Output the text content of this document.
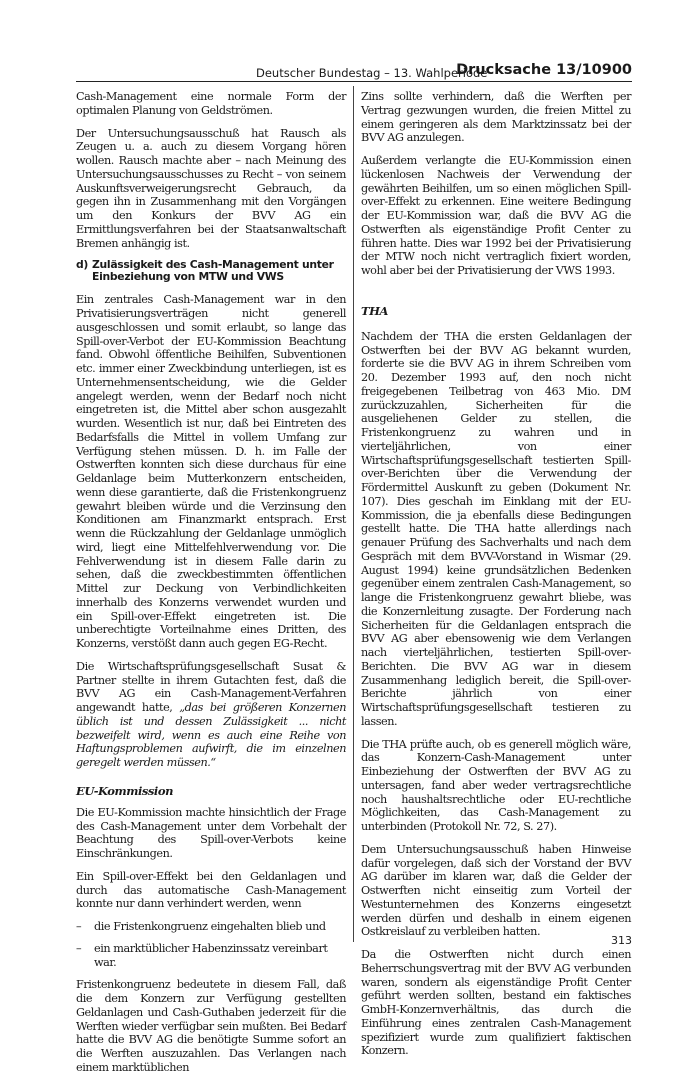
Deutscher Bundestag – 13. Wahlperiode
Drucksache 13/10900

Cash-Management eine normale Form der optimalen Planung von Geldströmen.

Der Untersuchungsausschuß hat Rausch als Zeugen u. a. auch zu diesem Vorgang hören wollen. Rausch machte aber – nach Meinung des Untersuchungsausschusses zu Recht – von seinem Auskunftsverweigerungsrecht Gebrauch, da gegen ihn in Zusammenhang mit den Vorgängen um den Konkurs der BVV AG ein Ermittlungsverfahren bei der Staatsanwaltschaft Bremen anhängig ist.

d) Zulässigkeit des Cash-Management unter Einbeziehung von MTW und VWS

Ein zentrales Cash-Management war in den Privatisierungsverträgen nicht generell ausgeschlossen und somit erlaubt, so lange das Spill-over-Verbot der EU-Kommission Beachtung fand. Obwohl öffentliche Beihilfen, Subventionen etc. immer einer Zweckbindung unterliegen, ist es Unternehmensentscheidung, wie die Gelder angelegt werden, wenn der Bedarf noch nicht eingetreten ist, die Mittel aber schon ausgezahlt wurden. Wesentlich ist nur, daß bei Eintreten des Bedarfsfalls die Mittel in vollem Umfang zur Verfügung stehen müssen. D. h. im Falle der Ostwerften konnten sich diese durchaus für eine Geldanlage beim Mutterkonzern entscheiden, wenn diese garantierte, daß die Fristenkongruenz gewahrt bleiben würde und die Verzinsung den Konditionen am Finanzmarkt entsprach. Erst wenn die Rückzahlung der Geldanlage unmöglich wird, liegt eine Mittelfehlverwendung vor. Die Fehlverwendung ist in diesem Falle darin zu sehen, daß die zweckbestimmten öffentlichen Mittel zur Deckung von Verbindlichkeiten innerhalb des Konzerns verwendet wurden und ein Spill-over-Effekt eingetreten ist. Die unberechtigte Vorteilnahme eines Dritten, des Konzerns, verstößt dann auch gegen EG-Recht.

Die Wirtschaftsprüfungsgesellschaft Susat & Partner stellte in ihrem Gutachten fest, daß die BVV AG ein Cash-Management-Verfahren angewandt hatte, „das bei größeren Konzernen üblich ist und dessen Zulässigkeit ... nicht bezweifelt wird, wenn es auch eine Reihe von Haftungsproblemen aufwirft, die im einzelnen geregelt werden müssen.“

EU-Kommission

Die EU-Kommission machte hinsichtlich der Frage des Cash-Management unter dem Vorbehalt der Beachtung des Spill-over-Verbots keine Einschränkungen.

Ein Spill-over-Effekt bei den Geldanlagen und durch das automatische Cash-Management konnte nur dann verhindert werden, wenn

–	die Fristenkongruenz eingehalten blieb und
–	ein marktüblicher Habenzinssatz vereinbart war.

Fristenkongruenz bedeutete in diesem Fall, daß die dem Konzern zur Verfügung gestellten Geldanlagen und Cash-Guthaben jederzeit für die Werften wieder verfügbar sein mußten. Bei Bedarf hatte die BVV AG die benötigte Summe sofort an die Werften auszuzahlen. Das Verlangen nach einem marktüblichen

Zins sollte verhindern, daß die Werften per Vertrag gezwungen wurden, die freien Mittel zu einem geringeren als dem Marktzinssatz bei der BVV AG anzulegen.

Außerdem verlangte die EU-Kommission einen lückenlosen Nachweis der Verwendung der gewährten Beihilfen, um so einen möglichen Spill-over-Effekt zu erkennen. Eine weitere Bedingung der EU-Kommission war, daß die BVV AG die Ostwerften als eigenständige Profit Center zu führen hatte. Dies war 1992 bei der Privatisierung der MTW noch nicht vertraglich fixiert worden, wohl aber bei der Privatisierung der VWS 1993.

THA

Nachdem der THA die ersten Geldanlagen der Ostwerften bei der BVV AG bekannt wurden, forderte sie die BVV AG in ihrem Schreiben vom 20. Dezember 1993 auf, den noch nicht freigegebenen Teilbetrag von 463 Mio. DM zurückzuzahlen, Sicherheiten für die ausgeliehenen Gelder zu stellen, die Fristenkongruenz zu wahren und in vierteljährlichen, von einer Wirtschaftsprüfungsgesellschaft testierten Spill-over-Berichten über die Verwendung der Fördermittel Auskunft zu geben (Dokument Nr. 107). Dies geschah im Einklang mit der EU-Kommission, die ja ebenfalls diese Bedingungen gestellt hatte. Die THA hatte allerdings nach genauer Prüfung des Sachverhalts und nach dem Gespräch mit dem BVV-Vorstand in Wismar (29. August 1994) keine grundsätzlichen Bedenken gegenüber einem zentralen Cash-Management, so lange die Fristenkongruenz gewahrt bliebe, was die Konzernleitung zusagte. Der Forderung nach Sicherheiten für die Geldanlagen entsprach die BVV AG aber ebensowenig wie dem Verlangen nach vierteljährlichen, testierten Spill-over-Berichten. Die BVV AG war in diesem Zusammenhang lediglich bereit, die Spill-over-Berichte jährlich von einer Wirtschaftsprüfungsgesellschaft testieren zu lassen.

Die THA prüfte auch, ob es generell möglich wäre, das Konzern-Cash-Management unter Einbeziehung der Ostwerften der BVV AG zu untersagen, fand aber weder vertragsrechtliche noch haushaltsrechtliche oder EU-rechtliche Möglichkeiten, das Cash-Management zu unterbinden (Protokoll Nr. 72, S. 27).

Dem Untersuchungsausschuß haben Hinweise dafür vorgelegen, daß sich der Vorstand der BVV AG darüber im klaren war, daß die Gelder der Ostwerften nicht einseitig zum Vorteil der Westunternehmen des Konzerns eingesetzt werden dürfen und deshalb in einem eigenen Ostkreislauf zu verbleiben hatten.

Da die Ostwerften nicht durch einen Beherrschungsvertrag mit der BVV AG verbunden waren, sondern als eigenständige Profit Center geführt werden sollten, bestand ein faktisches GmbH-Konzernverhältnis, das durch die Einführung eines zentralen Cash-Management spezifiziert wurde zum qualifiziert faktischen Konzern.

313
